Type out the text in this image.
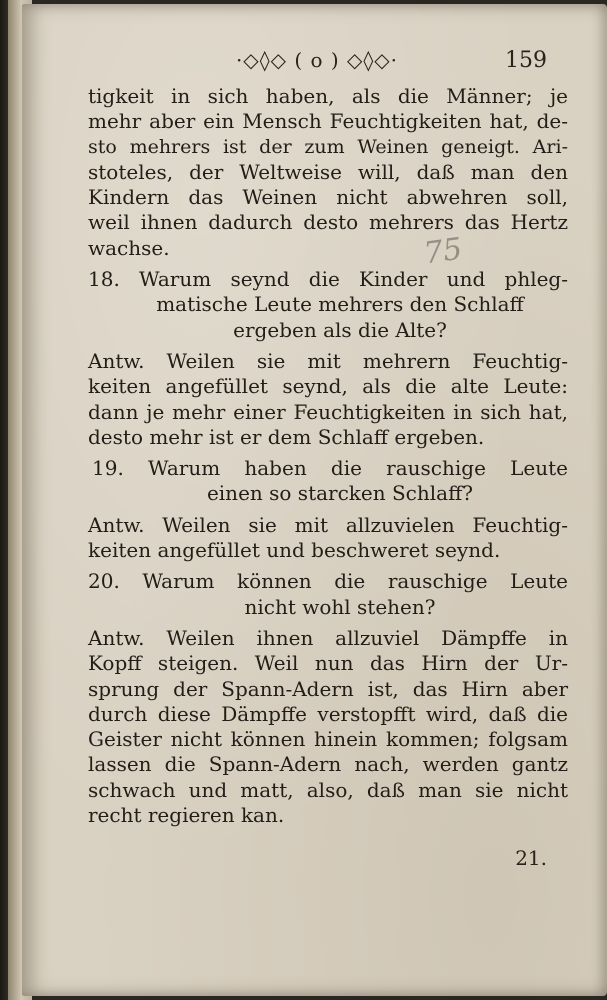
·◇◊◇ ( o ) ◇◊◇·	159
tigkeit in sich haben, als die Männer; je
mehr aber ein Mensch Feuchtigkeiten hat, de-
sto mehrers ist der zum Weinen geneigt. Ari-
stoteles, der Weltweise will, daß man den
Kindern das Weinen nicht abwehren soll,
weil ihnen dadurch desto mehrers das Hertz
wachse.
18. Warum seynd die Kinder und phleg-
matische Leute mehrers den Schlaff
ergeben als die Alte?
Antw. Weilen sie mit mehrern Feuchtig-
keiten angefüllet seynd, als die alte Leute:
dann je mehr einer Feuchtigkeiten in sich hat,
desto mehr ist er dem Schlaff ergeben.
19. Warum haben die rauschige Leute
einen so starcken Schlaff?
Antw. Weilen sie mit allzuvielen Feuchtig-
keiten angefüllet und beschweret seynd.
20. Warum können die rauschige Leute
nicht wohl stehen?
Antw. Weilen ihnen allzuviel Dämpffe in
Kopff steigen. Weil nun das Hirn der Ur-
sprung der Spann-Adern ist, das Hirn aber
durch diese Dämpffe verstopfft wird, daß die
Geister nicht können hinein kommen; folgsam
lassen die Spann-Adern nach, werden gantz
schwach und matt, also, daß man sie nicht
recht regieren kan.
75
21.
